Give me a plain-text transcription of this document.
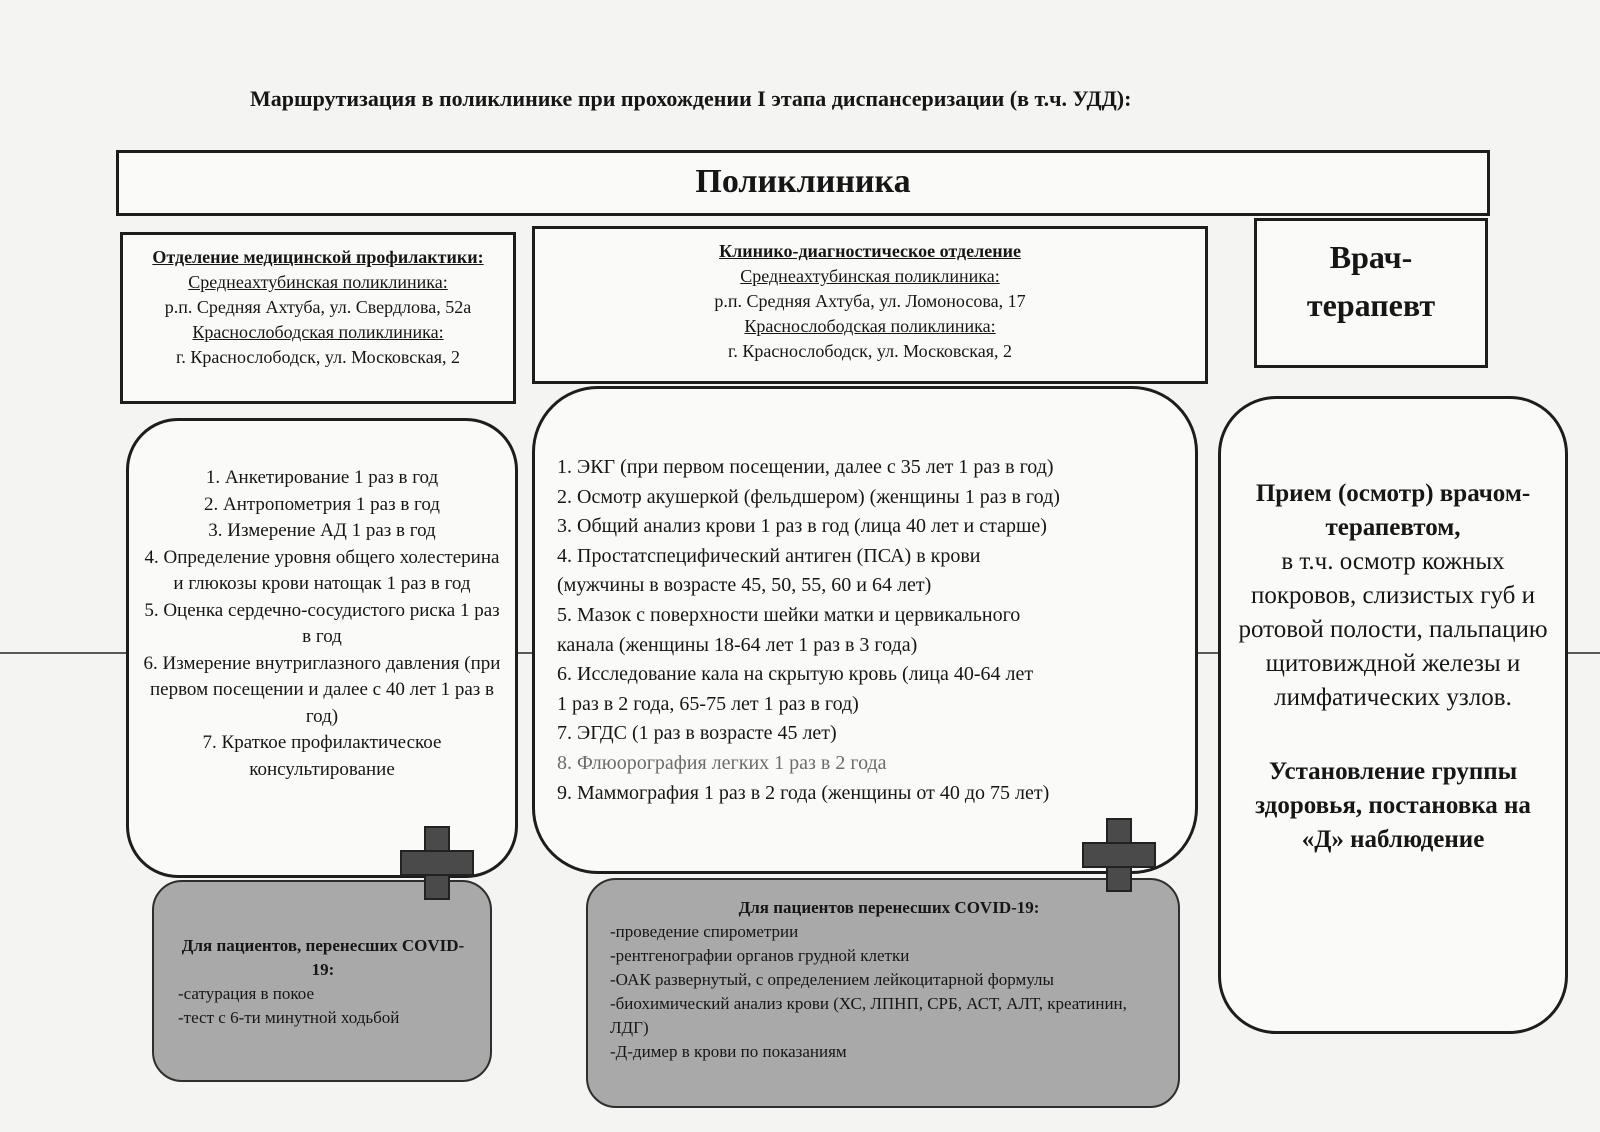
Маршрутизация в поликлинике при прохождении I этапа диспансеризации (в т.ч. УДД):
Поликлиника
Отделение медицинской профилактики:
Среднеахтубинская поликлиника:
р.п. Средняя Ахтуба, ул. Свердлова, 52а
Краснослободская поликлиника:
г. Краснослободск, ул. Московская, 2
Клинико-диагностическое отделение
Среднеахтубинская поликлиника:
р.п. Средняя Ахтуба, ул. Ломоносова, 17
Краснослободская поликлиника:
г. Краснослободск, ул. Московская, 2
Врач-
терапевт
1. Анкетирование 1 раз в год
2. Антропометрия 1 раз в год
3. Измерение АД 1 раз в год
4. Определение уровня общего холестерина и глюкозы крови натощак 1 раз в год
5. Оценка сердечно-сосудистого риска 1 раз в год
6. Измерение внутриглазного давления (при первом посещении и далее с 40 лет 1 раз в год)
7. Краткое профилактическое консультирование
1. ЭКГ (при первом посещении, далее с 35 лет 1 раз в год)
2. Осмотр акушеркой (фельдшером) (женщины 1 раз в год)
3. Общий анализ крови 1 раз в год (лица 40 лет и старше)
4. Простатспецифический антиген (ПСА) в крови
(мужчины в возрасте 45, 50, 55, 60 и 64 лет)
5. Мазок с поверхности шейки матки и цервикального
канала (женщины 18-64 лет 1 раз в 3 года)
6. Исследование кала на скрытую кровь (лица 40-64 лет
1 раз в 2 года, 65-75 лет 1 раз в год)
7. ЭГДС (1 раз в возрасте 45 лет)
8. Флюорография легких 1 раз в 2 года
9. Маммография 1 раз в 2 года (женщины от 40 до 75 лет)
Прием (осмотр) врачом-терапевтом,
в т.ч. осмотр кожных покровов, слизистых губ и ротовой полости, пальпацию щитовиждной железы и лимфатических узлов.
Установление группы здоровья, постановка на «Д» наблюдение
Для пациентов, перенесших COVID-19:
-сатурация в покое
-тест с 6-ти минутной ходьбой
Для пациентов перенесших COVID-19:
-проведение спирометрии
-рентгенографии органов грудной клетки
-ОАК развернутый, с определением лейкоцитарной формулы
-биохимический анализ крови (ХС, ЛПНП, СРБ, АСТ, АЛТ, креатинин, ЛДГ)
-Д-димер в крови по показаниям
